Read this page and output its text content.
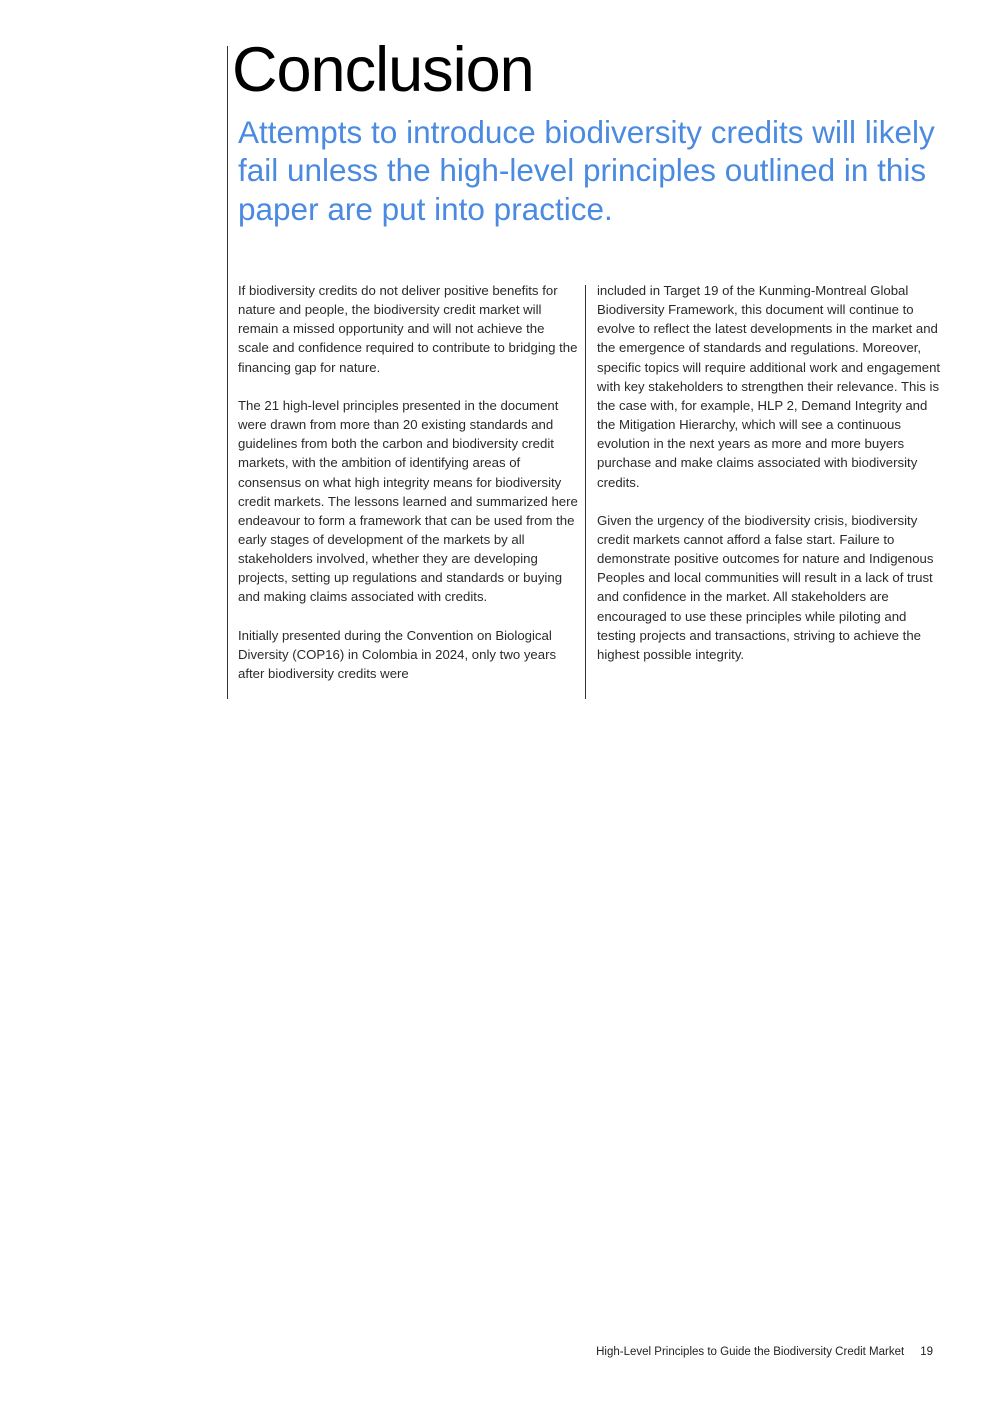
Conclusion

Attempts to introduce biodiversity credits will likely fail unless the high-level principles outlined in this paper are put into practice.

If biodiversity credits do not deliver positive benefits for nature and people, the biodiversity credit market will remain a missed opportunity and will not achieve the scale and confidence required to contribute to bridging the financing gap for nature.

The 21 high-level principles presented in the document were drawn from more than 20 existing standards and guidelines from both the carbon and biodiversity credit markets, with the ambition of identifying areas of consensus on what high integrity means for biodiversity credit markets. The lessons learned and summarized here endeavour to form a framework that can be used from the early stages of development of the markets by all stakeholders involved, whether they are developing projects, setting up regulations and standards or buying and making claims associated with credits.

Initially presented during the Convention on Biological Diversity (COP16) in Colombia in 2024, only two years after biodiversity credits were

included in Target 19 of the Kunming-Montreal Global Biodiversity Framework, this document will continue to evolve to reflect the latest developments in the market and the emergence of standards and regulations. Moreover, specific topics will require additional work and engagement with key stakeholders to strengthen their relevance. This is the case with, for example, HLP 2, Demand Integrity and the Mitigation Hierarchy, which will see a continuous evolution in the next years as more and more buyers purchase and make claims associated with biodiversity credits.

Given the urgency of the biodiversity crisis, biodiversity credit markets cannot afford a false start. Failure to demonstrate positive outcomes for nature and Indigenous Peoples and local communities will result in a lack of trust and confidence in the market. All stakeholders are encouraged to use these principles while piloting and testing projects and transactions, striving to achieve the highest possible integrity.

High-Level Principles to Guide the Biodiversity Credit Market 19
